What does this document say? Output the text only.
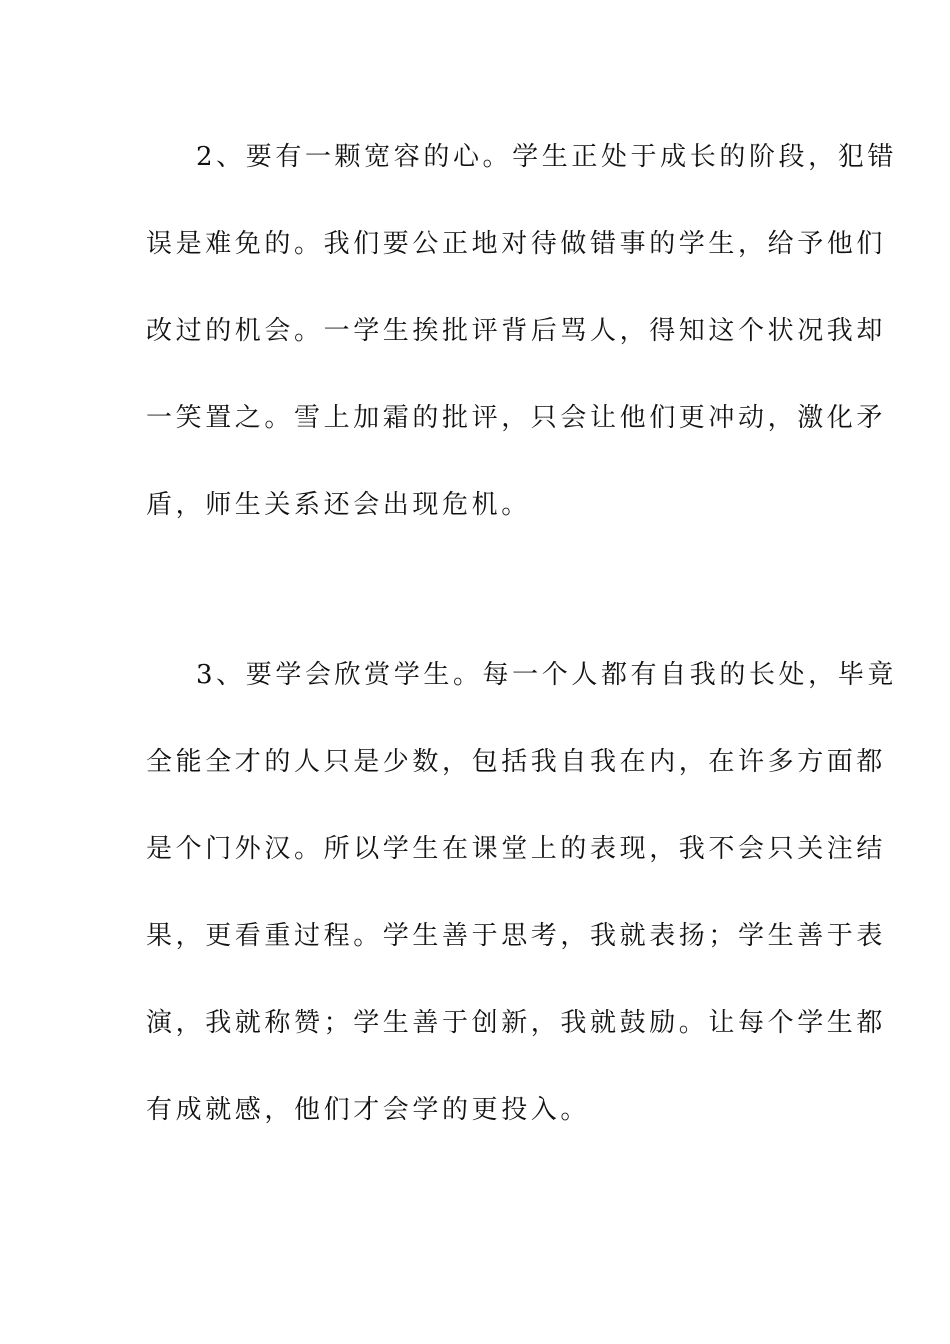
2、要有一颗宽容的心。学生正处于成长的阶段，犯错
误是难免的。我们要公正地对待做错事的学生，给予他们
改过的机会。一学生挨批评背后骂人，得知这个状况我却
一笑置之。雪上加霜的批评，只会让他们更冲动，激化矛
盾，师生关系还会出现危机。
3、要学会欣赏学生。每一个人都有自我的长处，毕竟
全能全才的人只是少数，包括我自我在内，在许多方面都
是个门外汉。所以学生在课堂上的表现，我不会只关注结
果，更看重过程。学生善于思考，我就表扬；学生善于表
演，我就称赞；学生善于创新，我就鼓励。让每个学生都
有成就感，他们才会学的更投入。
